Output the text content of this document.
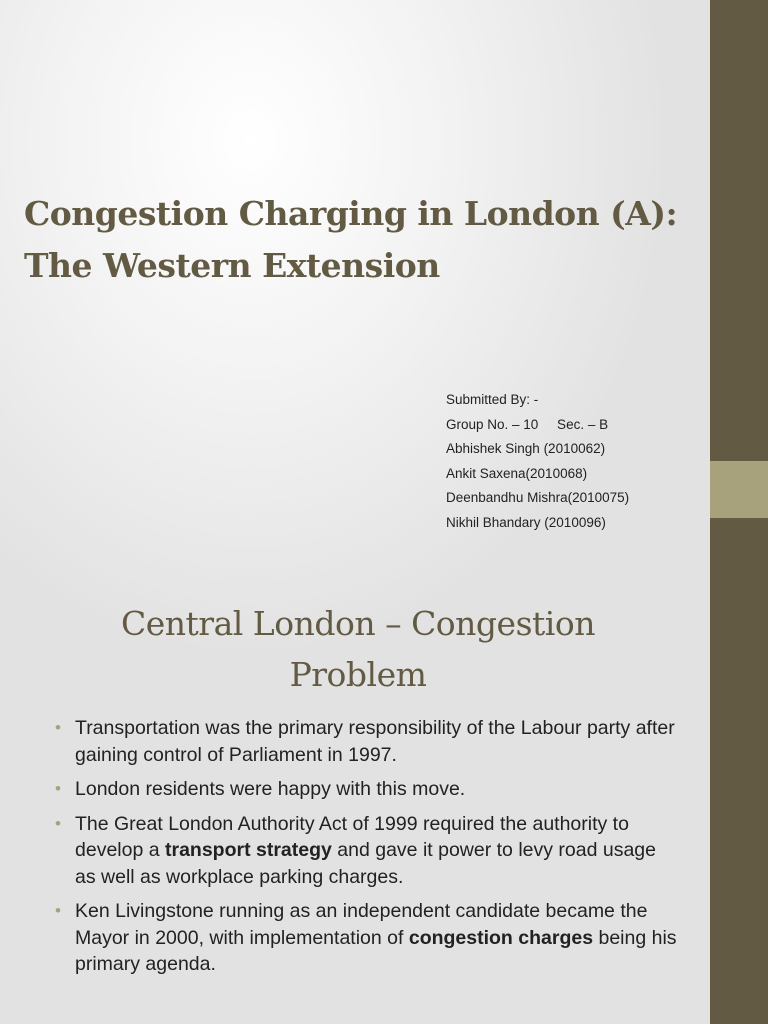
Congestion Charging in London (A):
The Western Extension
Submitted By: -
Group No. – 10     Sec. – B
Abhishek Singh (2010062)
Ankit Saxena(2010068)
Deenbandhu Mishra(2010075)
Nikhil Bhandary (2010096)
Central London – Congestion
Problem
• Transportation was the primary responsibility of the Labour party after gaining control of Parliament in 1997.
• London residents were happy with this move.
• The Great London Authority Act of 1999 required the authority to develop a transport strategy and gave it power to levy road usage as well as workplace parking charges.
• Ken Livingstone running as an independent candidate became the Mayor in 2000, with implementation of congestion charges being his primary agenda.
